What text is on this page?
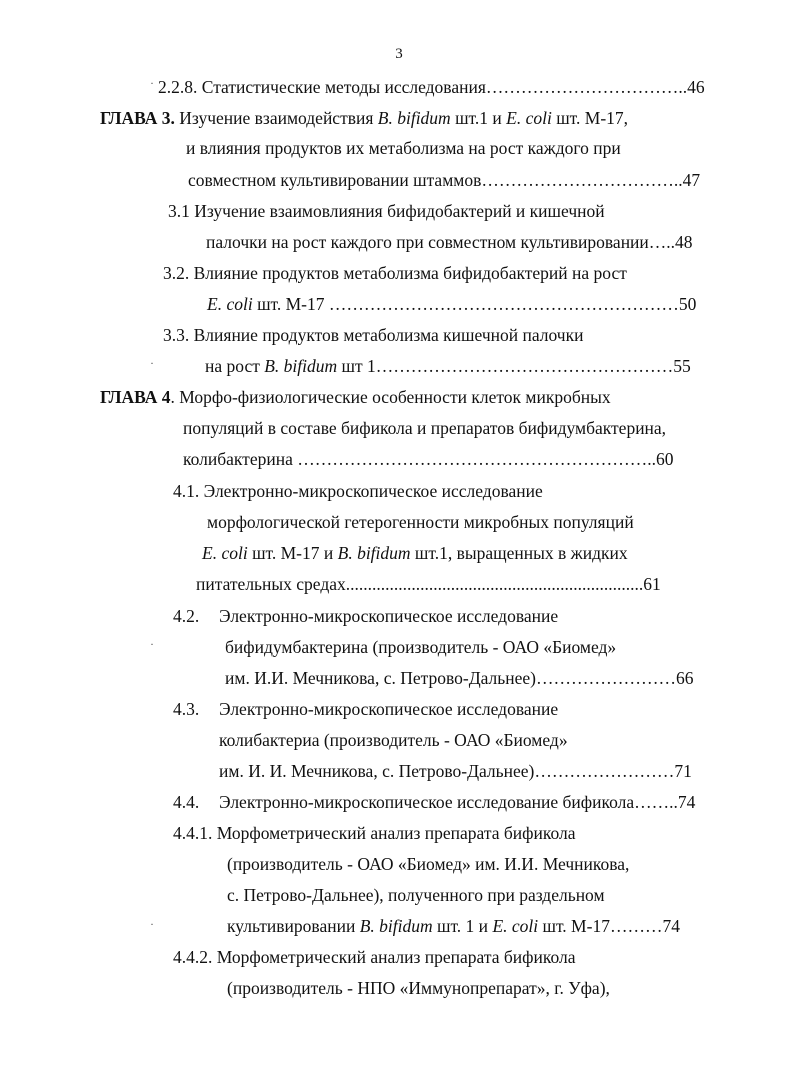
3
·
·
·
·
2.2.8. Статистические методы исследования……………………………..46
ГЛАВА 3. Изучение взаимодействия B. bifidum шт.1 и E. coli шт. М-17,
и влияния продуктов их метаболизма на рост каждого при
совместном культивировании штаммов……………………………..47
3.1 Изучение взаимовлияния бифидобактерий и кишечной
палочки на рост каждого при совместном культивировании…..48
3.2. Влияние продуктов метаболизма бифидобактерий на рост
E. coli шт. М-17 ……………………………………………………50
3.3. Влияние продуктов метаболизма кишечной палочки
на рост B. bifidum шт 1……………………………………………55
ГЛАВА 4. Морфо-физиологические особенности клеток микробных
популяций в составе бификола и препаратов бифидумбактерина,
колибактерина ……………………………………………………..60
4.1. Электронно-микроскопическое исследование
морфологической гетерогенности микробных популяций
E. coli шт. М-17 и B. bifidum шт.1, выращенных в жидких
питательных средах....................................................................61
4.2. Электронно-микроскопическое исследование
бифидумбактерина (производитель - ОАО «Биомед»
им. И.И. Мечникова, с. Петрово-Дальнее)……………………66
4.3. Электронно-микроскопическое исследование
колибактериа (производитель - ОАО «Биомед»
им. И. И. Мечникова, с. Петрово-Дальнее)……………………71
4.4. Электронно-микроскопическое исследование бификола……..74
4.4.1. Морфометрический анализ препарата бификола
(производитель - ОАО «Биомед» им. И.И. Мечникова,
с. Петрово-Дальнее), полученного при раздельном
культивировании B. bifidum шт. 1 и E. coli шт. М-17………74
4.4.2. Морфометрический анализ препарата бификола
(производитель - НПО «Иммунопрепарат», г. Уфа),
